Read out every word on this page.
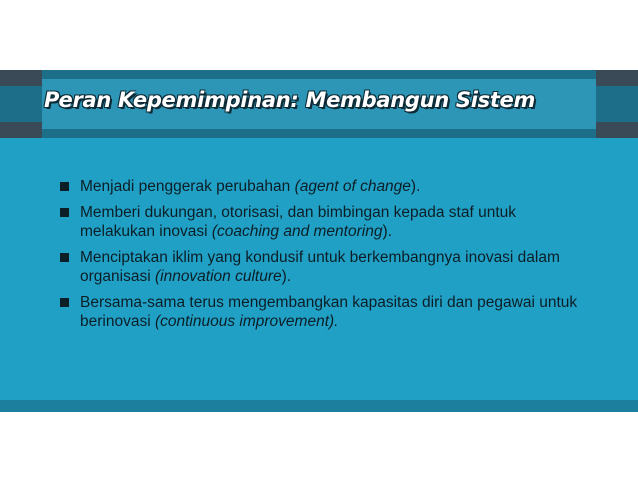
Peran Kepemimpinan: Membangun Sistem
Menjadi penggerak perubahan (agent of change).
Memberi dukungan, otorisasi, dan bimbingan kepada staf untuk melakukan inovasi (coaching and mentoring).
Menciptakan iklim yang kondusif untuk berkembangnya inovasi dalam organisasi (innovation culture).
Bersama-sama terus mengembangkan kapasitas diri dan pegawai untuk berinovasi (continuous improvement).
